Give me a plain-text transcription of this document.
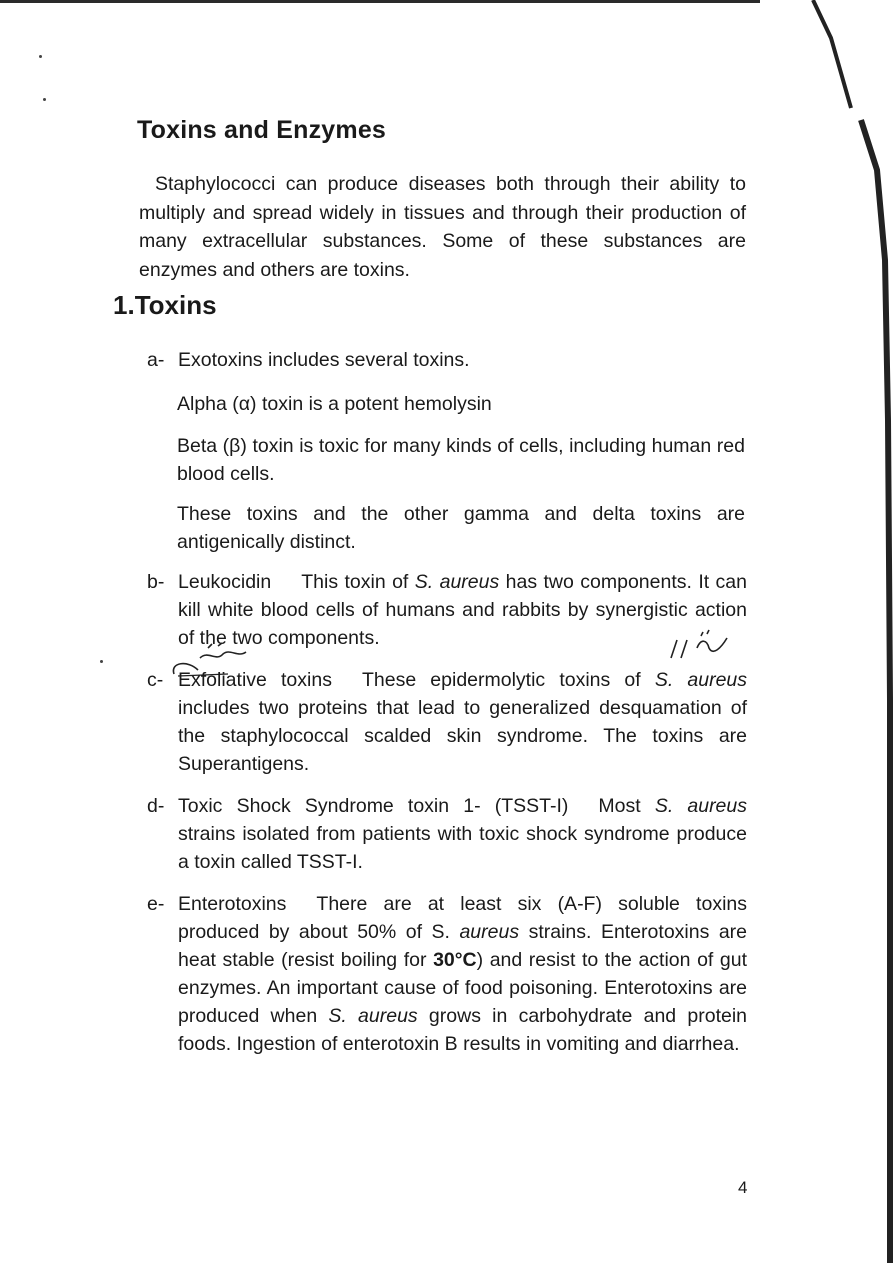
Toxins and Enzymes

Staphylococci can produce diseases both through their ability to multiply and spread widely in tissues and through their production of many extracellular substances. Some of these substances are enzymes and others are toxins.

1.Toxins
a- Exotoxins includes several toxins.

Alpha (α) toxin is a potent hemolysin

Beta (β) toxin is toxic for many kinds of cells, including human red blood cells.

These toxins and the other gamma and delta toxins are antigenically distinct.

b- Leukocidin This toxin of S. aureus has two components. It can kill white blood cells of humans and rabbits by synergistic action of the two components.
c- Exfoliative toxins These epidermolytic toxins of S. aureus includes two proteins that lead to generalized desquamation of the staphylococcal scalded skin syndrome. The toxins are Superantigens.
d- Toxic Shock Syndrome toxin 1- (TSST-I) Most S. aureus strains isolated from patients with toxic shock syndrome produce a toxin called TSST-I.
e- Enterotoxins There are at least six (A-F) soluble toxins produced by about 50% of S. aureus strains. Enterotoxins are heat stable (resist boiling for 30°C) and resist to the action of gut enzymes. An important cause of food poisoning. Enterotoxins are produced when S. aureus grows in carbohydrate and protein foods. Ingestion of enterotoxin B results in vomiting and diarrhea.
4
